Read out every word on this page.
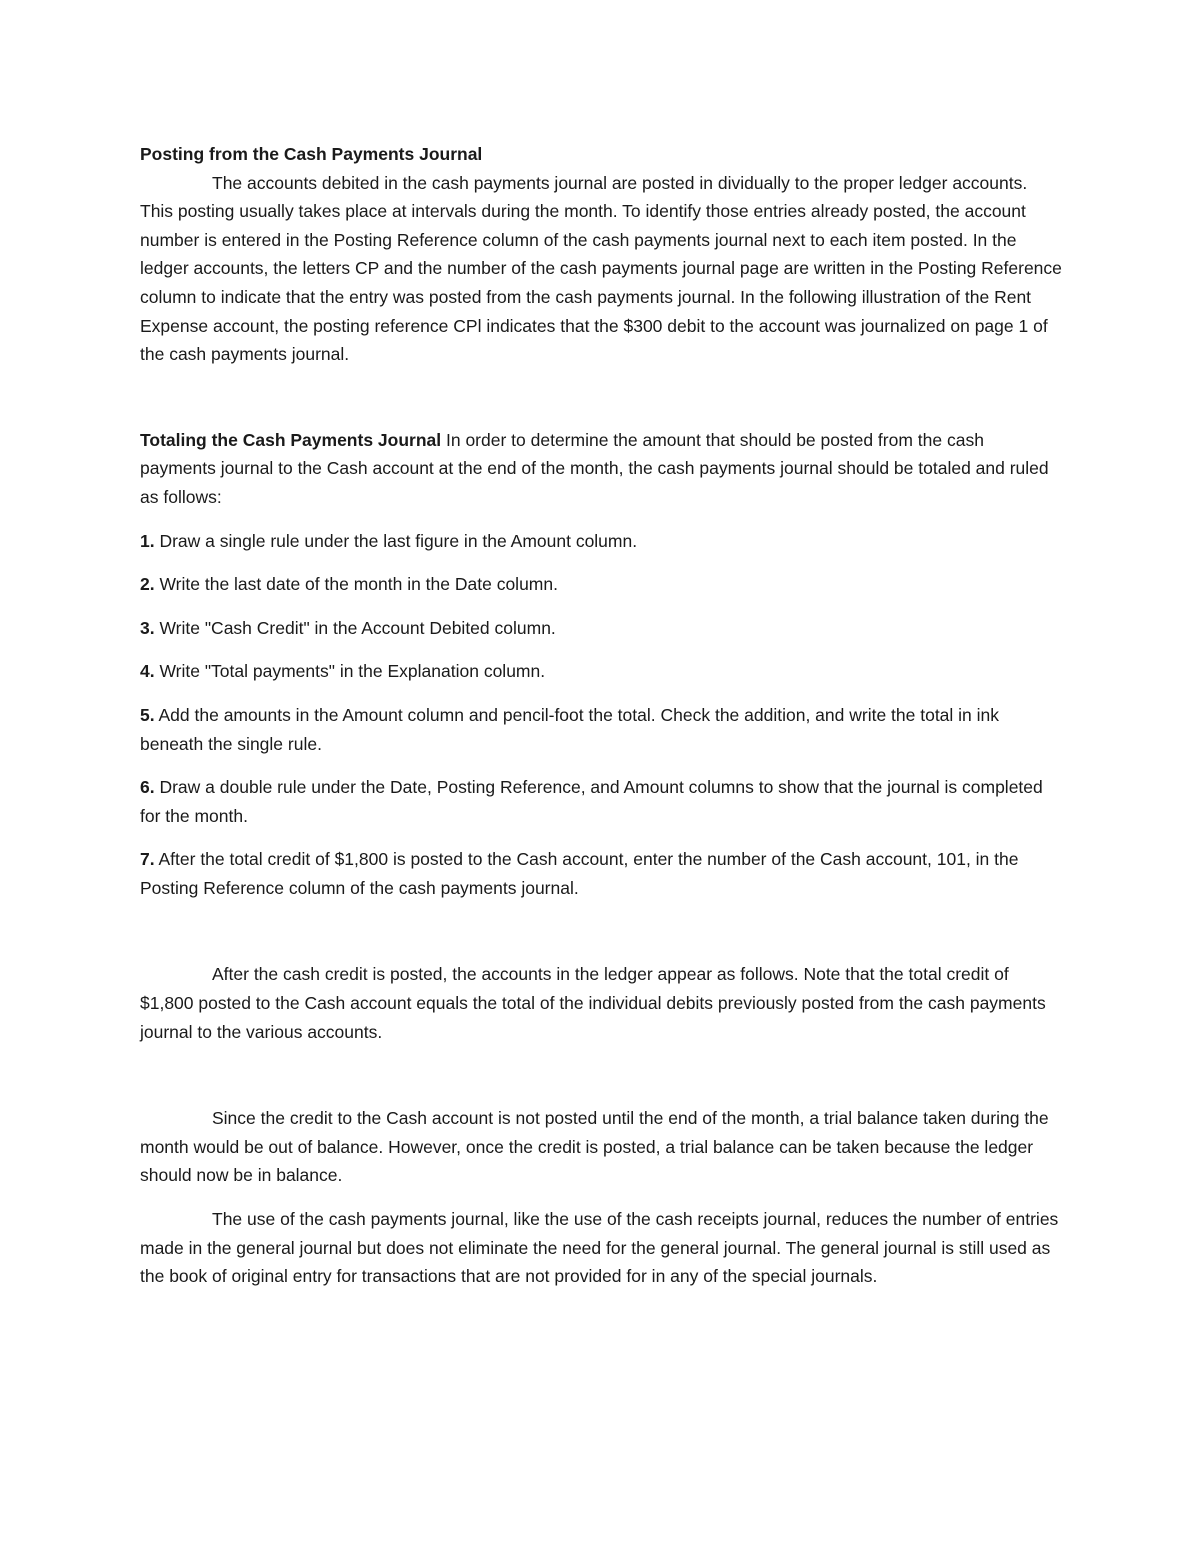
Posting from the Cash Payments Journal

The accounts debited in the cash payments journal are posted in dividually to the proper ledger accounts. This posting usually takes place at intervals during the month. To identify those entries already posted, the account number is entered in the Posting Reference column of the cash payments journal next to each item posted. In the ledger accounts, the letters CP and the number of the cash payments journal page are written in the Posting Reference column to indicate that the entry was posted from the cash payments journal. In the following illustration of the Rent Expense account, the posting reference CPl indicates that the $300 debit to the account was journalized on page 1 of the cash payments journal.

Totaling the Cash Payments Journal In order to determine the amount that should be posted from the cash payments journal to the Cash account at the end of the month, the cash payments journal should be totaled and ruled as follows:

1. Draw a single rule under the last figure in the Amount column.

2. Write the last date of the month in the Date column.

3. Write "Cash Credit" in the Account Debited column.

4. Write "Total payments" in the Explanation column.

5. Add the amounts in the Amount column and pencil-foot the total. Check the addition, and write the total in ink beneath the single rule.

6. Draw a double rule under the Date, Posting Reference, and Amount columns to show that the journal is completed for the month.

7. After the total credit of $1,800 is posted to the Cash account, enter the number of the Cash account, 101, in the Posting Reference column of the cash payments journal.

After the cash credit is posted, the accounts in the ledger appear as follows. Note that the total credit of $1,800 posted to the Cash account equals the total of the individual debits previously posted from the cash payments journal to the various accounts.

Since the credit to the Cash account is not posted until the end of the month, a trial balance taken during the month would be out of balance. However, once the credit is posted, a trial balance can be taken because the ledger should now be in balance.

The use of the cash payments journal, like the use of the cash receipts journal, reduces the number of entries made in the general journal but does not eliminate the need for the general journal. The general journal is still used as the book of original entry for transactions that are not provided for in any of the special journals.
